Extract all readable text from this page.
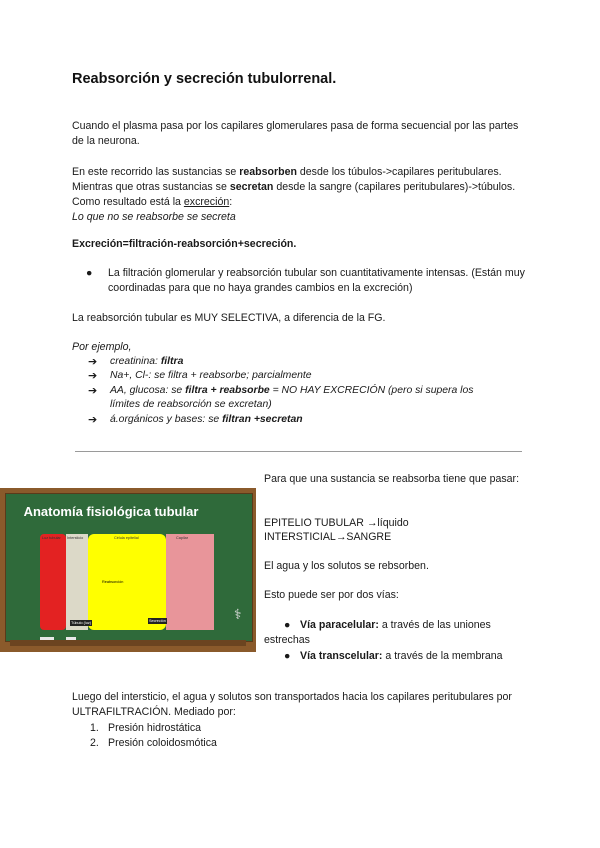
Reabsorción y secreción tubulorrenal.
Cuando el plasma pasa por los capilares glomerulares pasa de forma secuencial por las partes de la neurona.
En este recorrido las sustancias se reabsorben desde los túbulos->capilares peritubulares. Mientras que otras sustancias se secretan desde la sangre (capilares peritubulares)->túbulos. Como resultado está la excreción:
Lo que no se reabsorbe se secreta
Excreción=filtración-reabsorción+secreción.
● La filtración glomerular y reabsorción tubular son cuantitativamente intensas. (Están muy coordinadas para que no haya grandes cambios en la excreción)
La reabsorción tubular es MUY SELECTIVA, a diferencia de la FG.
Por ejemplo,
➔ creatinina: filtra
➔ Na+, Cl-: se filtra + reabsorbe; parcialmente
➔ AA, glucosa: se filtra + reabsorbe = NO HAY EXCRECIÓN (pero si supera los
límites de reabsorción se excretan)
➔ á.orgánicos y bases: se filtran +secretan
Anatomía fisiológica tubular
Luz tubular Intersticio	Célula epitelial	Capilar
Reabsorción
Túbulo (luz)	Secreción	⚕
Para que una sustancia se reabsorba tiene que pasar:
EPITELIO TUBULAR →líquido
INTERSTICIAL→SANGRE
El agua y los solutos se rebsorben.
Esto puede ser por dos vías:
● Vía paracelular: a través de las uniones estrechas
● Vía transcelular: a través de la membrana
Luego del intersticio, el agua y solutos son transportados hacia los capilares peritubulares por ULTRAFILTRACIÓN. Mediado por:
1. Presión hidrostática
2. Presión coloidosmótica
